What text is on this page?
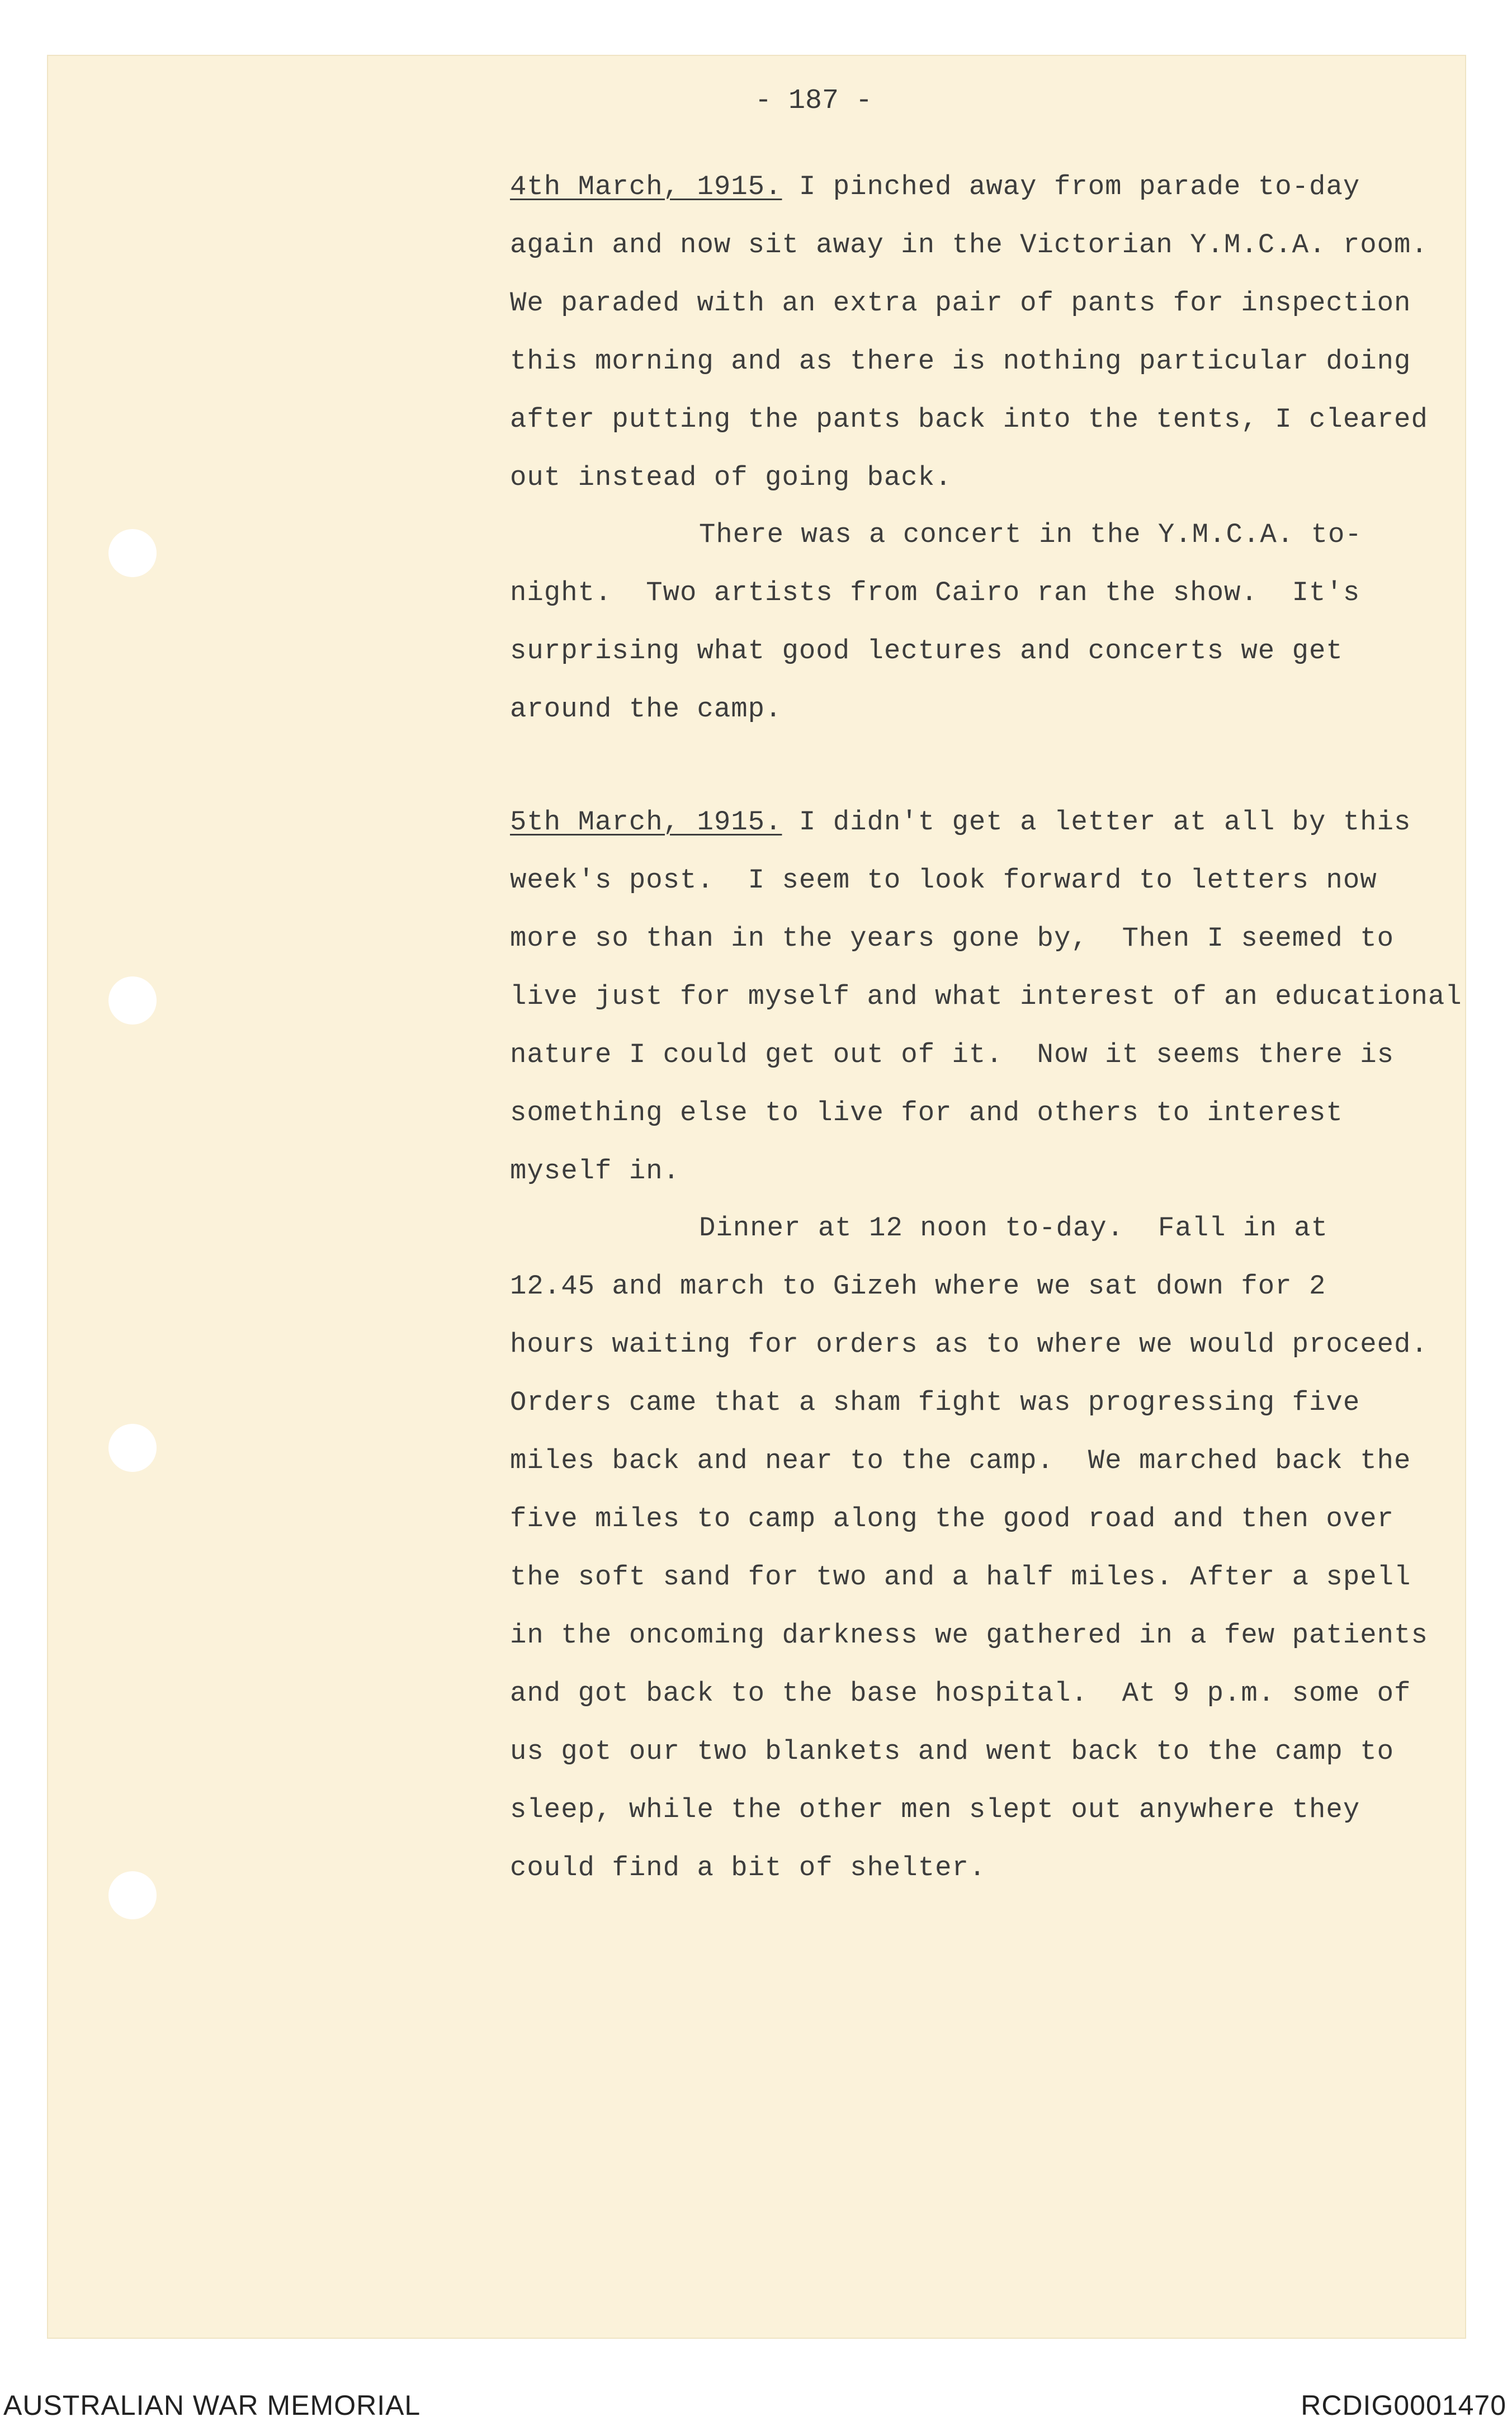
- 187 -
4th March, 1915. I pinched away from parade to-day
again and now sit away in the Victorian Y.M.C.A. room.
We paraded with an extra pair of pants for inspection
this morning and as there is nothing particular doing
after putting the pants back into the tents, I cleared
out instead of going back.
There was a concert in the Y.M.C.A. to-
night.  Two artists from Cairo ran the show.  It's
surprising what good lectures and concerts we get
around the camp.
5th March, 1915. I didn't get a letter at all by this
week's post.  I seem to look forward to letters now
more so than in the years gone by,  Then I seemed to
live just for myself and what interest of an educational
nature I could get out of it.  Now it seems there is
something else to live for and others to interest
myself in.
Dinner at 12 noon to-day.  Fall in at
12.45 and march to Gizeh where we sat down for 2
hours waiting for orders as to where we would proceed.
Orders came that a sham fight was progressing five
miles back and near to the camp.  We marched back the
five miles to camp along the good road and then over
the soft sand for two and a half miles. After a spell
in the oncoming darkness we gathered in a few patients
and got back to the base hospital.  At 9 p.m. some of
us got our two blankets and went back to the camp to
sleep, while the other men slept out anywhere they
could find a bit of shelter.
AUSTRALIAN WAR MEMORIAL	RCDIG0001470
